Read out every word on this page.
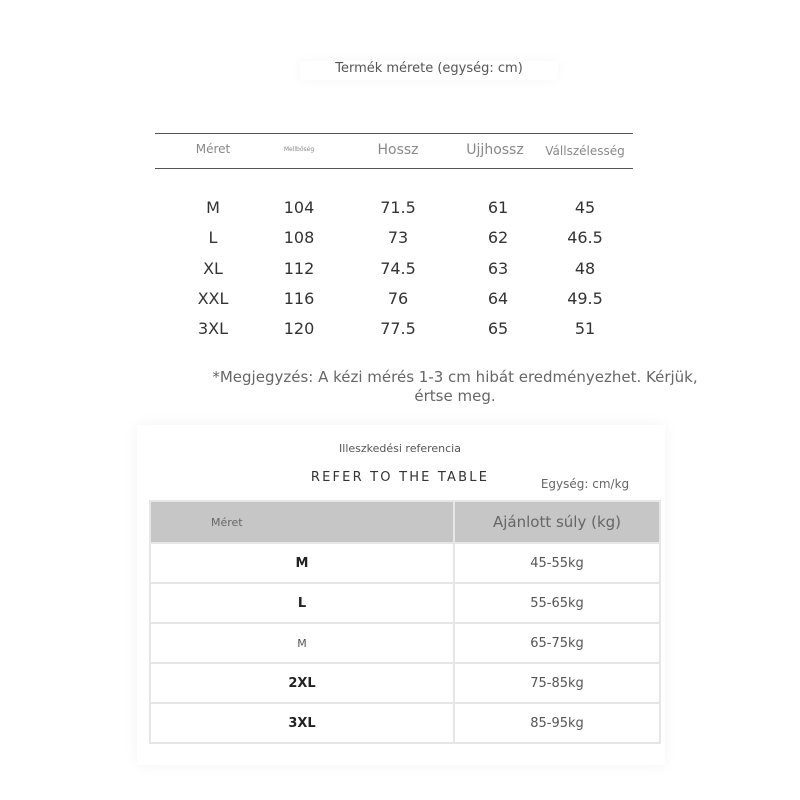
Termék mérete (egység: cm)
Méret	Mellbőség	Hossz	Ujjhossz	Vállszélesség
M	104	71.5	61	45
L	108	73	62	46.5
XL	112	74.5	63	48
XXL	116	76	64	49.5
3XL	120	77.5	65	51
*Megjegyzés: A kézi mérés 1-3 cm hibát eredményezhet. Kérjük,
értse meg.
Illeszkedési referencia
REFER TO THE TABLE	Egység: cm/kg
Méret	Ajánlott súly (kg)
M	45-55kg
L	55-65kg
M	65-75kg
2XL	75-85kg
3XL	85-95kg
